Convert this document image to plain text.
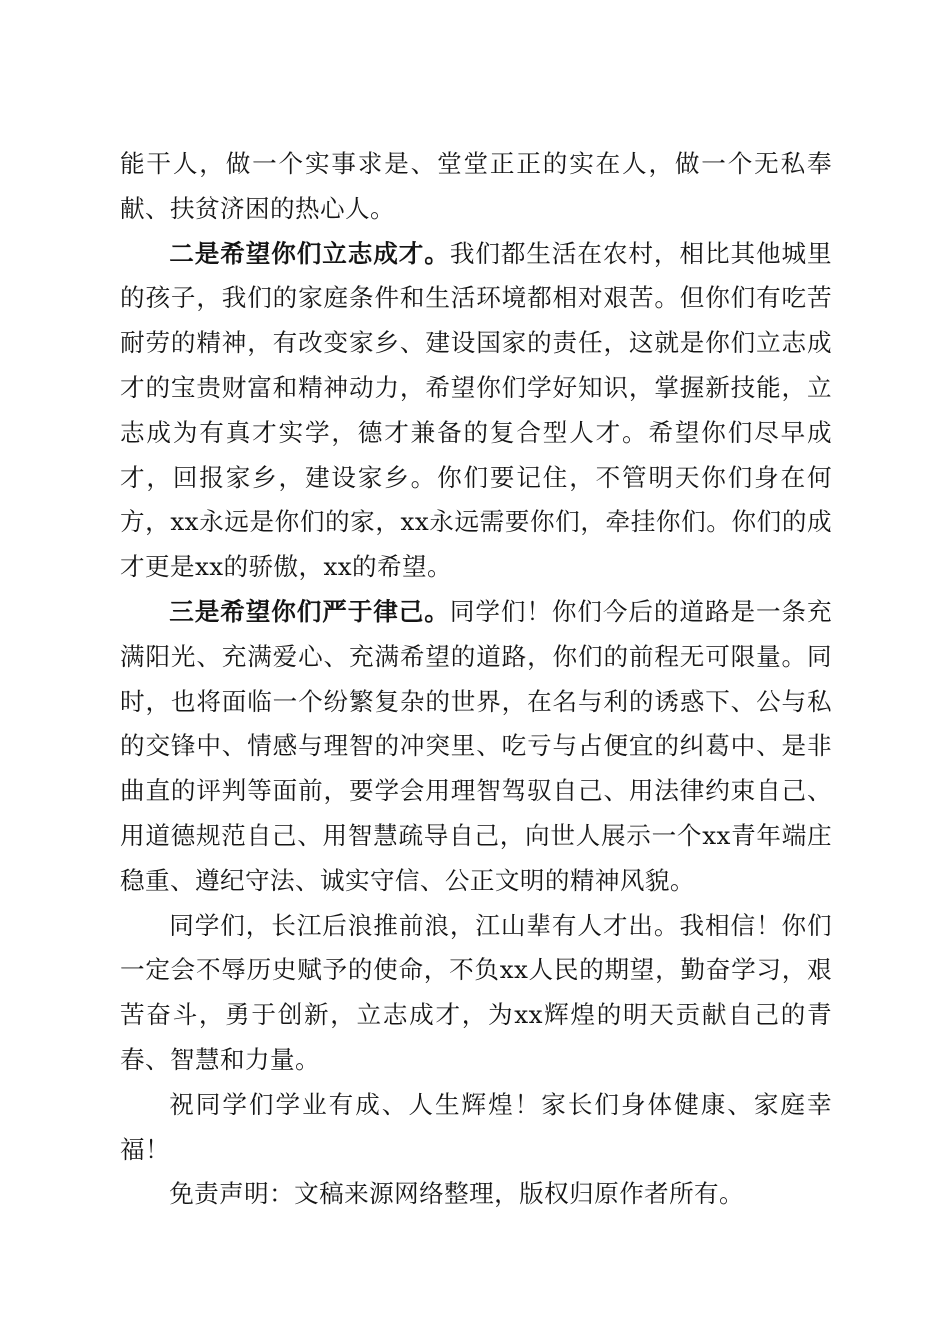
能干人，做一个实事求是、堂堂正正的实在人，做一个无私奉献、扶贫济困的热心人。

二是希望你们立志成才。我们都生活在农村，相比其他城里的孩子，我们的家庭条件和生活环境都相对艰苦。但你们有吃苦耐劳的精神，有改变家乡、建设国家的责任，这就是你们立志成才的宝贵财富和精神动力，希望你们学好知识，掌握新技能，立志成为有真才实学，德才兼备的复合型人才。希望你们尽早成才，回报家乡，建设家乡。你们要记住，不管明天你们身在何方，xx永远是你们的家，xx永远需要你们，牵挂你们。你们的成才更是xx的骄傲，xx的希望。

三是希望你们严于律己。同学们！你们今后的道路是一条充满阳光、充满爱心、充满希望的道路，你们的前程无可限量。同时，也将面临一个纷繁复杂的世界，在名与利的诱惑下、公与私的交锋中、情感与理智的冲突里、吃亏与占便宜的纠葛中、是非曲直的评判等面前，要学会用理智驾驭自己、用法律约束自己、用道德规范自己、用智慧疏导自己，向世人展示一个xx青年端庄稳重、遵纪守法、诚实守信、公正文明的精神风貌。

同学们，长江后浪推前浪，江山辈有人才出。我相信！你们一定会不辱历史赋予的使命，不负xx人民的期望，勤奋学习，艰苦奋斗，勇于创新，立志成才，为xx辉煌的明天贡献自己的青春、智慧和力量。

祝同学们学业有成、人生辉煌！家长们身体健康、家庭幸福！

免责声明：文稿来源网络整理，版权归原作者所有。
